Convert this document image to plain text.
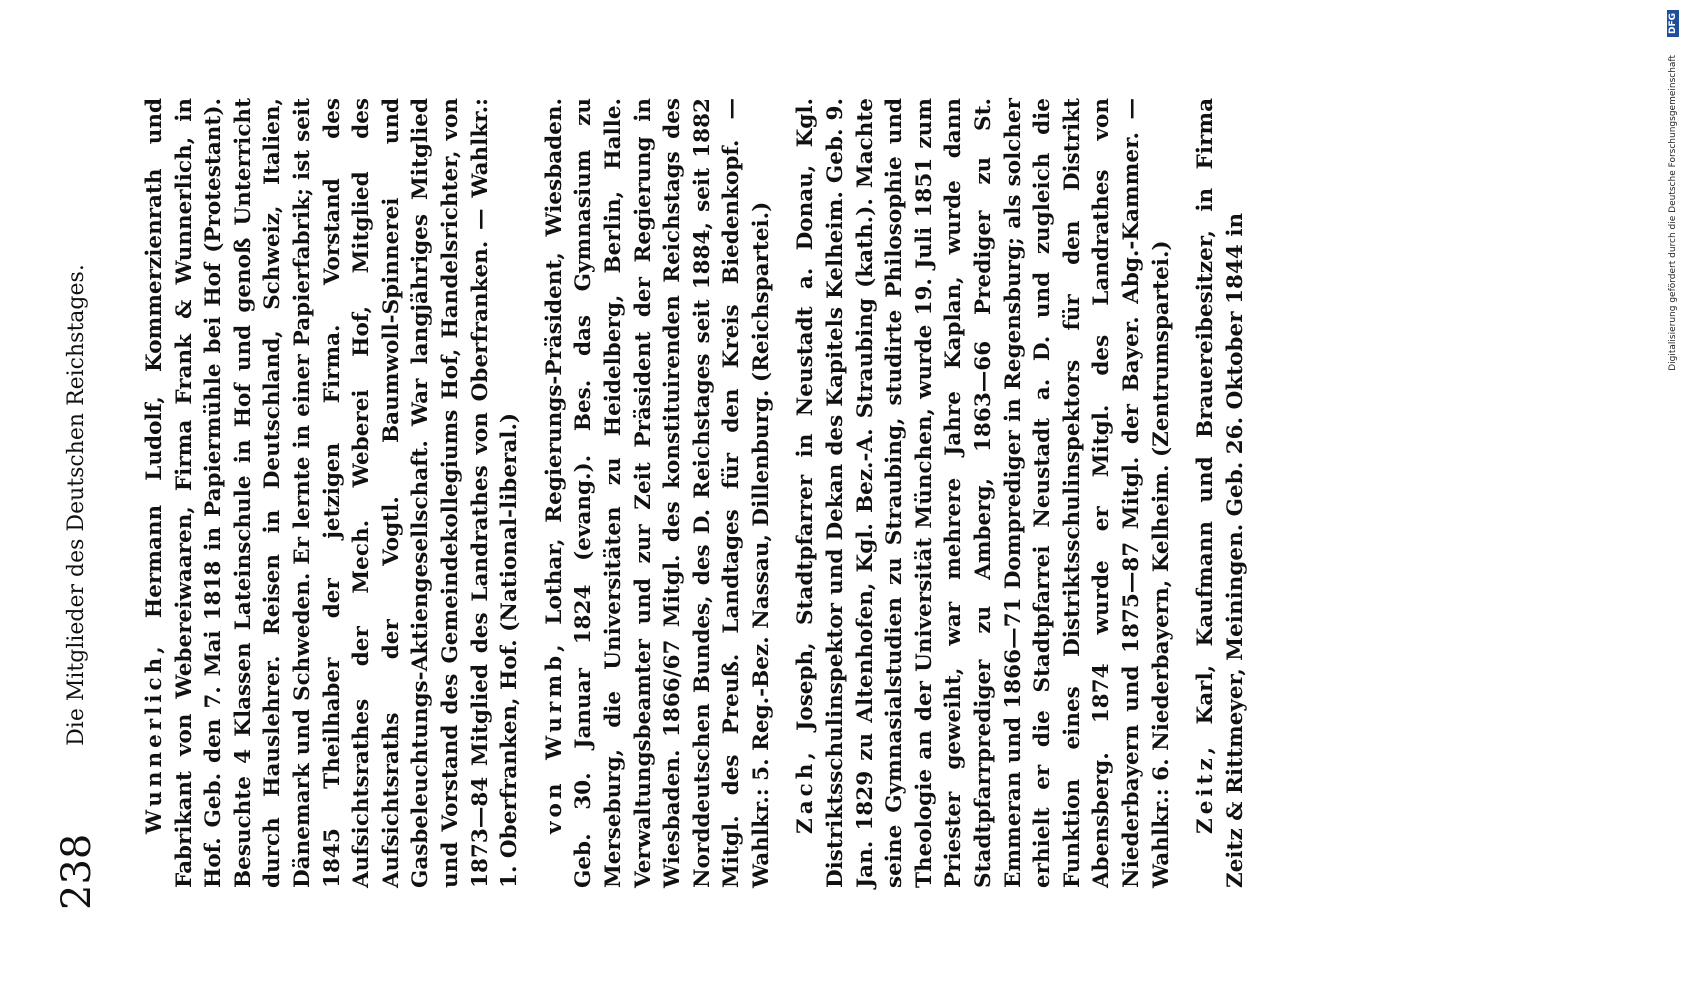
238
Die Mitglieder des Deutschen Reichstages.	Wunnerlich, Hermann Ludolf, Kommerzienrath und Fabrikant von Webereiwaaren, Firma Frank & Wunnerlich, in Hof. Geb. den 7. Mai 1818 in Papiermühle bei Hof (Protestant). Besuchte 4 Klassen Lateinschule in Hof und genoß Unterricht durch Hauslehrer. Reisen in Deutschland, Schweiz, Italien, Dänemark und Schweden. Er lernte in einer Papierfabrik; ist seit 1845 Theilhaber der jetzigen Firma. Vorstand des Aufsichtsrathes der Mech. Weberei Hof, Mitglied des Aufsichtsraths der Vogtl. Baumwoll-Spinnerei und Gasbeleuchtungs-Aktiengesellschaft. War langjähriges Mitglied und Vorstand des Gemeindekollegiums Hof, Handelsrichter, von 1873—84 Mitglied des Landrathes von Oberfranken. — Wahlkr.: 1. Oberfranken, Hof. (National-liberal.) von Wurmb, Lothar, Regierungs-Präsident, Wiesbaden. Geb. 30. Januar 1824 (evang.). Bes. das Gymnasium zu Merseburg, die Universitäten zu Heidelberg, Berlin, Halle. Verwaltungsbeamter und zur Zeit Präsident der Regierung in Wiesbaden. 1866/67 Mitgl. des konstituirenden Reichstags des Norddeutschen Bundes, des D. Reichstages seit 1884, seit 1882 Mitgl. des Preuß. Landtages für den Kreis Biedenkopf. — Wahlkr.: 5. Reg.-Bez. Nassau, Dillenburg. (Reichspartei.) Zach, Joseph, Stadtpfarrer in Neustadt a. Donau, Kgl. Distriktsschulinspektor und Dekan des Kapitels Kelheim. Geb. 9. Jan. 1829 zu Altenhofen, Kgl. Bez.-A. Straubing (kath.). Machte seine Gymnasialstudien zu Straubing, studirte Philosophie und Theologie an der Universität München, wurde 19. Juli 1851 zum Priester geweiht, war mehrere Jahre Kaplan, wurde dann Stadtpfarrprediger zu Amberg, 1863—66 Prediger zu St. Emmeran und 1866—71 Domprediger in Regensburg; als solcher erhielt er die Stadtpfarrei Neustadt a. D. und zugleich die Funktion eines Distriktsschulinspektors für den Distrikt Abensberg. 1874 wurde er Mitgl. des Landrathes von Niederbayern und 1875—87 Mitgl. der Bayer. Abg.-Kammer. — Wahlkr.: 6. Niederbayern, Kelheim. (Zentrumspartei.) Zeitz, Karl, Kaufmann und Brauereibesitzer, in Firma Zeitz & Rittmeyer, Meiningen. Geb. 26. Oktober 1844 in	Digitalisierung gefördert durch die Deutsche Forschungsgemeinschaft
DFG
